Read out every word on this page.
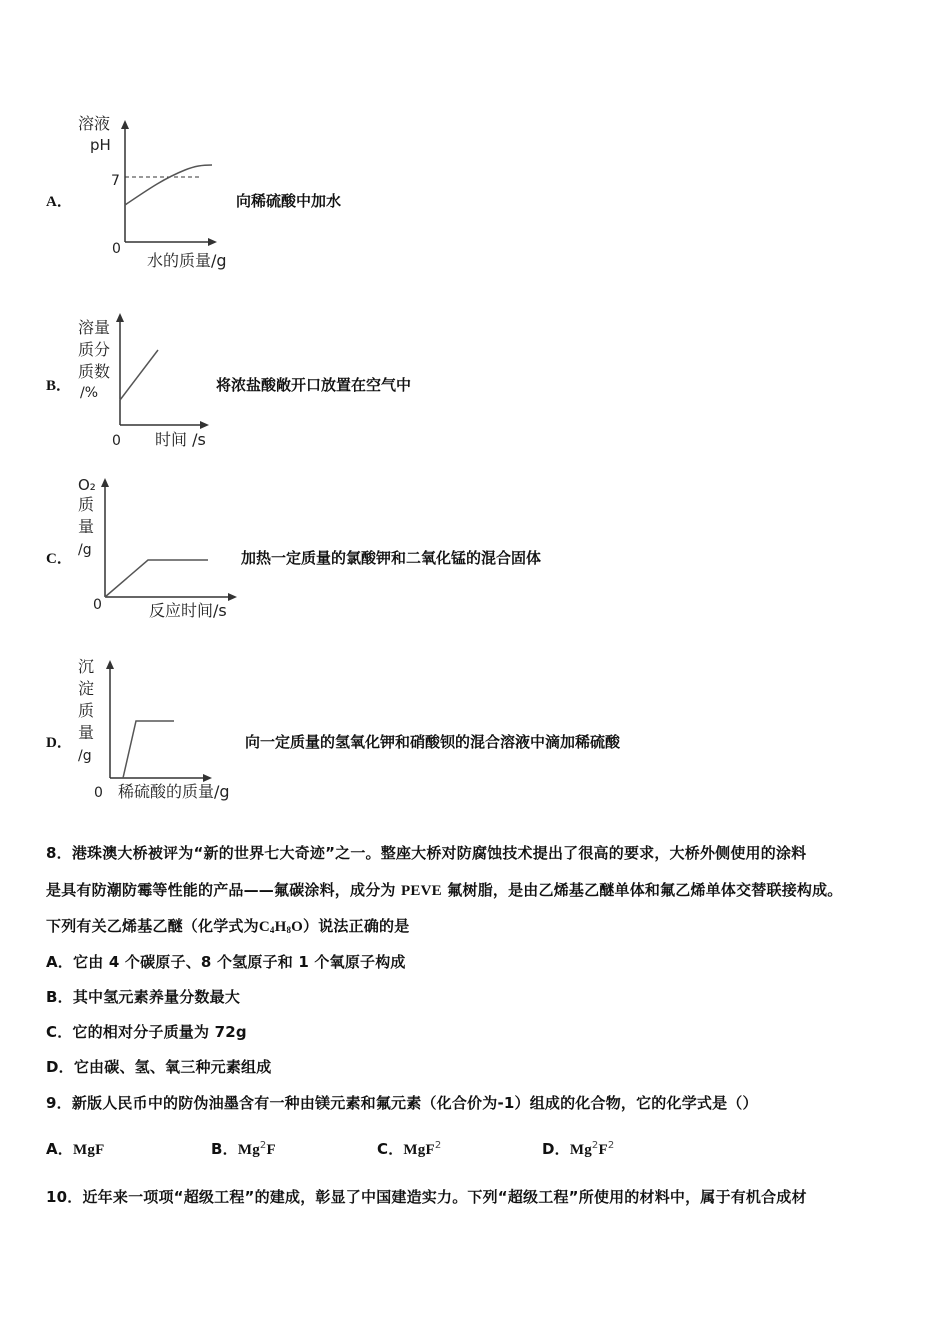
A．
溶液
pH
7
0
水的质量/g
向稀硫酸中加水
B．
溶量
质分
质数
/%
0 时间 /s
将浓盐酸敞开口放置在空气中
C．
O₂
质
量
/g
0	反应时间/s
加热一定质量的氯酸钾和二氧化锰的混合固体
D．
沉
淀
质
量
/g
0 稀硫酸的质量/g
向一定质量的氢氧化钾和硝酸钡的混合溶液中滴加稀硫酸
8．港珠澳大桥被评为“新的世界七大奇迹”之一。整座大桥对防腐蚀技术提出了很高的要求，大桥外侧使用的涂料
是具有防潮防霉等性能的产品——氟碳涂料，成分为 PEVE 氟树脂，是由乙烯基乙醚单体和氟乙烯单体交替联接构成。
下列有关乙烯基乙醚（化学式为$C_4H_8O$）说法正确的是
A．它由 4 个碳原子、8 个氢原子和 1 个氧原子构成
B．其中氢元素养量分数最大
C．它的相对分子质量为 72g
D．它由碳、氢、氧三种元素组成
9．新版人民币中的防伪油墨含有一种由镁元素和氟元素（化合价为-1）组成的化合物，它的化学式是（）
A．MgF	B．Mg$^2$F	C．MgF$^2$	D．$Mg^2F^2$
10．近年来一项项“超级工程”的建成，彰显了中国建造实力。下列“超级工程”所使用的材料中，属于有机合成材
